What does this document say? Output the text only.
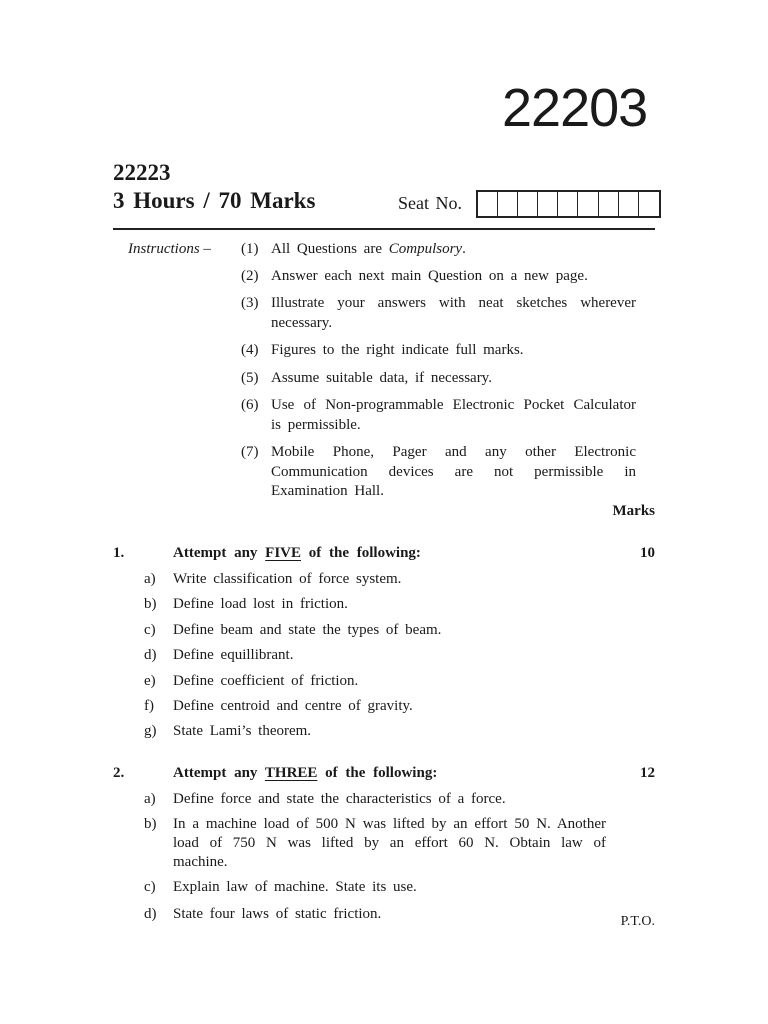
22203
22223
3 Hours / 70 Marks	Seat No.
Instructions – (1) All Questions are Compulsory.
(2) Answer each next main Question on a new page.
(3) Illustrate your answers with neat sketches wherever necessary.
(4) Figures to the right indicate full marks.
(5) Assume suitable data, if necessary.
(6) Use of Non-programmable Electronic Pocket Calculator is permissible.
(7) Mobile Phone, Pager and any other Electronic Communication devices are not permissible in Examination Hall.
Marks
1.	Attempt any FIVE of the following:	10
a) Write classification of force system.
b) Define load lost in friction.
c) Define beam and state the types of beam.
d) Define equillibrant.
e) Define coefficient of friction.
f) Define centroid and centre of gravity.
g) State Lami’s theorem.
2.	Attempt any THREE of the following:	12
a) Define force and state the characteristics of a force.
b) In a machine load of 500 N was lifted by an effort 50 N. Another load of 750 N was lifted by an effort 60 N. Obtain law of machine.
c) Explain law of machine. State its use.
d) State four laws of static friction.	P.T.O.
